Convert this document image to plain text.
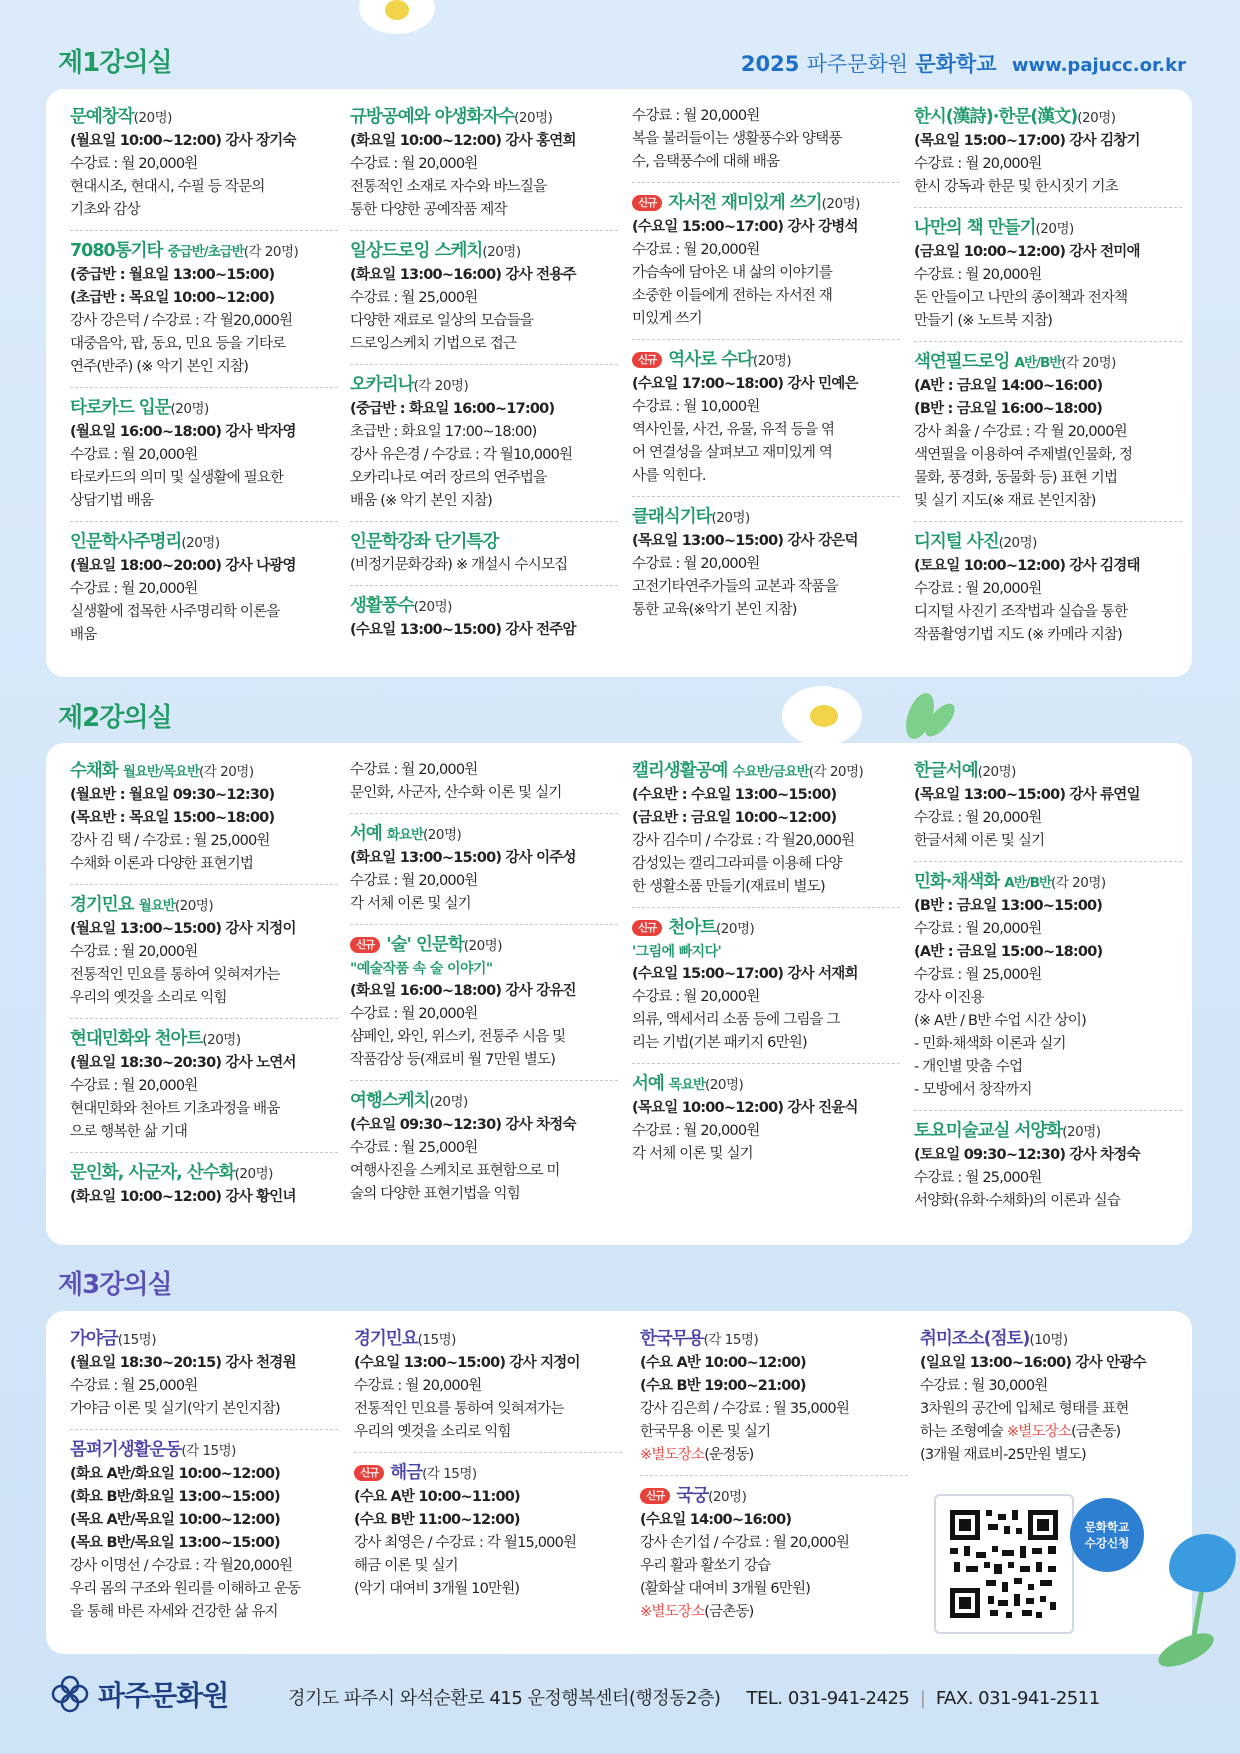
제1강의실	2025 파주문화원 문화학교 www.pajucc.or.kr
문예창작(20명)
(월요일 10:00~12:00) 강사 장기숙
수강료 : 월 20,000원
현대시조, 현대시, 수필 등 작문의
기초와 감상
7080통기타 중급반/초급반(각 20명)
(중급반 : 월요일 13:00~15:00)
(초급반 : 목요일 10:00~12:00)
강사 강은덕 / 수강료 : 각 월20,000원
대중음악, 팝, 동요, 민요 등을 기타로
연주(반주) (※ 악기 본인 지참)
타로카드 입문(20명)
(월요일 16:00~18:00) 강사 박자영
수강료 : 월 20,000원
타로카드의 의미 및 실생활에 필요한
상담기법 배움
인문학사주명리(20명)
(월요일 18:00~20:00) 강사 나광영
수강료 : 월 20,000원
실생활에 접목한 사주명리학 이론을
배움
규방공예와 야생화자수(20명)
(화요일 10:00~12:00) 강사 홍연희
수강료 : 월 20,000원
전통적인 소재로 자수와 바느질을
통한 다양한 공예작품 제작
일상드로잉 스케치(20명)
(화요일 13:00~16:00) 강사 전용주
수강료 : 월 25,000원
다양한 재료로 일상의 모습들을
드로잉스케치 기법으로 접근
오카리나(각 20명)
(중급반 : 화요일 16:00~17:00)
초급반 : 화요일 17:00~18:00)
강사 유은경 / 수강료 : 각 월10,000원
오카리나로 여러 장르의 연주법을
배움 (※ 악기 본인 지참)
인문학강좌 단기특강
(비정기문화강좌) ※ 개설시 수시모집
생활풍수(20명)
(수요일 13:00~15:00) 강사 전주암
수강료 : 월 20,000원
복을 불러들이는 생활풍수와 양택풍
수, 음택풍수에 대해 배움
신규 자서전 재미있게 쓰기(20명)
(수요일 15:00~17:00) 강사 강병석
수강료 : 월 20,000원
가슴속에 담아온 내 삶의 이야기를
소중한 이들에게 전하는 자서전 재
미있게 쓰기
신규 역사로 수다(20명)
(수요일 17:00~18:00) 강사 민예은
수강료 : 월 10,000원
역사인물, 사건, 유물, 유적 등을 엮
어 연결성을 살펴보고 재미있게 역
사를 익힌다.
클래식기타(20명)
(목요일 13:00~15:00) 강사 강은덕
수강료 : 월 20,000원
고전기타연주가들의 교본과 작품을
통한 교육(※악기 본인 지참)
한시(漢詩)·한문(漢文)(20명)
(목요일 15:00~17:00) 강사 김창기
수강료 : 월 20,000원
한시 강독과 한문 및 한시짓기 기초
나만의 책 만들기(20명)
(금요일 10:00~12:00) 강사 전미애
수강료 : 월 20,000원
돈 안들이고 나만의 종이책과 전자책
만들기 (※ 노트북 지참)
색연필드로잉 A반/B반(각 20명)
(A반 : 금요일 14:00~16:00)
(B반 : 금요일 16:00~18:00)
강사 최율 / 수강료 : 각 월 20,000원
색연필을 이용하여 주제별(인물화, 정
물화, 풍경화, 동물화 등) 표현 기법
및 실기 지도(※ 재료 본인지참)
디지털 사진(20명)
(토요일 10:00~12:00) 강사 김경태
수강료 : 월 20,000원
디지털 사진기 조작법과 실습을 통한
작품촬영기법 지도 (※ 카메라 지참)
제2강의실
수채화 월요반/목요반(각 20명)
(월요반 : 월요일 09:30~12:30)
(목요반 : 목요일 15:00~18:00)
강사 김 택 / 수강료 : 월 25,000원
수채화 이론과 다양한 표현기법
경기민요 월요반(20명)
(월요일 13:00~15:00) 강사 지정이
수강료 : 월 20,000원
전통적인 민요를 통하여 잊혀져가는
우리의 옛것을 소리로 익힘
현대민화와 천아트(20명)
(월요일 18:30~20:30) 강사 노연서
수강료 : 월 20,000원
현대민화와 천아트 기초과정을 배움
으로 행복한 삶 기대
문인화, 사군자, 산수화(20명)
(화요일 10:00~12:00) 강사 황인녀
수강료 : 월 20,000원
문인화, 사군자, 산수화 이론 및 실기
서예 화요반(20명)
(화요일 13:00~15:00) 강사 이주성
수강료 : 월 20,000원
각 서체 이론 및 실기
신규 '술' 인문학(20명)
"예술작품 속 술 이야기"
(화요일 16:00~18:00) 강사 강유진
수강료 : 월 20,000원
샴페인, 와인, 위스키, 전통주 시음 및
작품감상 등(재료비 월 7만원 별도)
여행스케치(20명)
(수요일 09:30~12:30) 강사 차정숙
수강료 : 월 25,000원
여행사진을 스케치로 표현함으로 미
술의 다양한 표현기법을 익힘
캘리생활공예 수요반/금요반(각 20명)
(수요반 : 수요일 13:00~15:00)
(금요반 : 금요일 10:00~12:00)
강사 김수미 / 수강료 : 각 월20,000원
감성있는 캘리그라피를 이용해 다양
한 생활소품 만들기(재료비 별도)
신규 천아트(20명)
'그림에 빠지다'
(수요일 15:00~17:00) 강사 서재희
수강료 : 월 20,000원
의류, 액세서리 소품 등에 그림을 그
리는 기법(기본 패키지 6만원)
서예 목요반(20명)
(목요일 10:00~12:00) 강사 진윤식
수강료 : 월 20,000원
각 서체 이론 및 실기
한글서예(20명)
(목요일 13:00~15:00) 강사 류연일
수강료 : 월 20,000원
한글서체 이론 및 실기
민화·채색화 A반/B반(각 20명)
(B반 : 금요일 13:00~15:00)
수강료 : 월 20,000원
(A반 : 금요일 15:00~18:00)
수강료 : 월 25,000원
강사 이진용
(※ A반 / B반 수업 시간 상이)
- 민화·채색화 이론과 실기
- 개인별 맞춤 수업
- 모방에서 창작까지
토요미술교실 서양화(20명)
(토요일 09:30~12:30) 강사 차정숙
수강료 : 월 25,000원
서양화(유화·수채화)의 이론과 실습
제3강의실
가야금(15명)
(월요일 18:30~20:15) 강사 천경원
수강료 : 월 25,000원
가야금 이론 및 실기(악기 본인지참)
몸펴기생활운동(각 15명)
(화요 A반/화요일 10:00~12:00)
(화요 B반/화요일 13:00~15:00)
(목요 A반/목요일 10:00~12:00)
(목요 B반/목요일 13:00~15:00)
강사 이명선 / 수강료 : 각 월20,000원
우리 몸의 구조와 원리를 이해하고 운동
을 통해 바른 자세와 건강한 삶 유지
경기민요(15명)
(수요일 13:00~15:00) 강사 지정이
수강료 : 월 20,000원
전통적인 민요를 통하여 잊혀져가는
우리의 옛것을 소리로 익힘
신규 해금(각 15명)
(수요 A반 10:00~11:00)
(수요 B반 11:00~12:00)
강사 최영은 / 수강료 : 각 월15,000원
해금 이론 및 실기
(악기 대여비 3개월 10만원)
한국무용(각 15명)
(수요 A반 10:00~12:00)
(수요 B반 19:00~21:00)
강사 김은희 / 수강료 : 월 35,000원
한국무용 이론 및 실기
※별도장소(운정동)
신규 국궁(20명)
(수요일 14:00~16:00)
강사 손기섭 / 수강료 : 월 20,000원
우리 활과 활쏘기 강습
(활화살 대여비 3개월 6만원)
※별도장소(금촌동)
취미조소(점토)(10명)
(일요일 13:00~16:00) 강사 안광수
수강료 : 월 30,000원
3차원의 공간에 입체로 형태를 표현
하는 조형예술 ※별도장소(금촌동)
(3개월 재료비-25만원 별도)
문화학교
수강신청
파주문화원	경기도 파주시 와석순환로 415 운정행복센터(행정동2층) TEL. 031-941-2425  |  FAX. 031-941-2511
